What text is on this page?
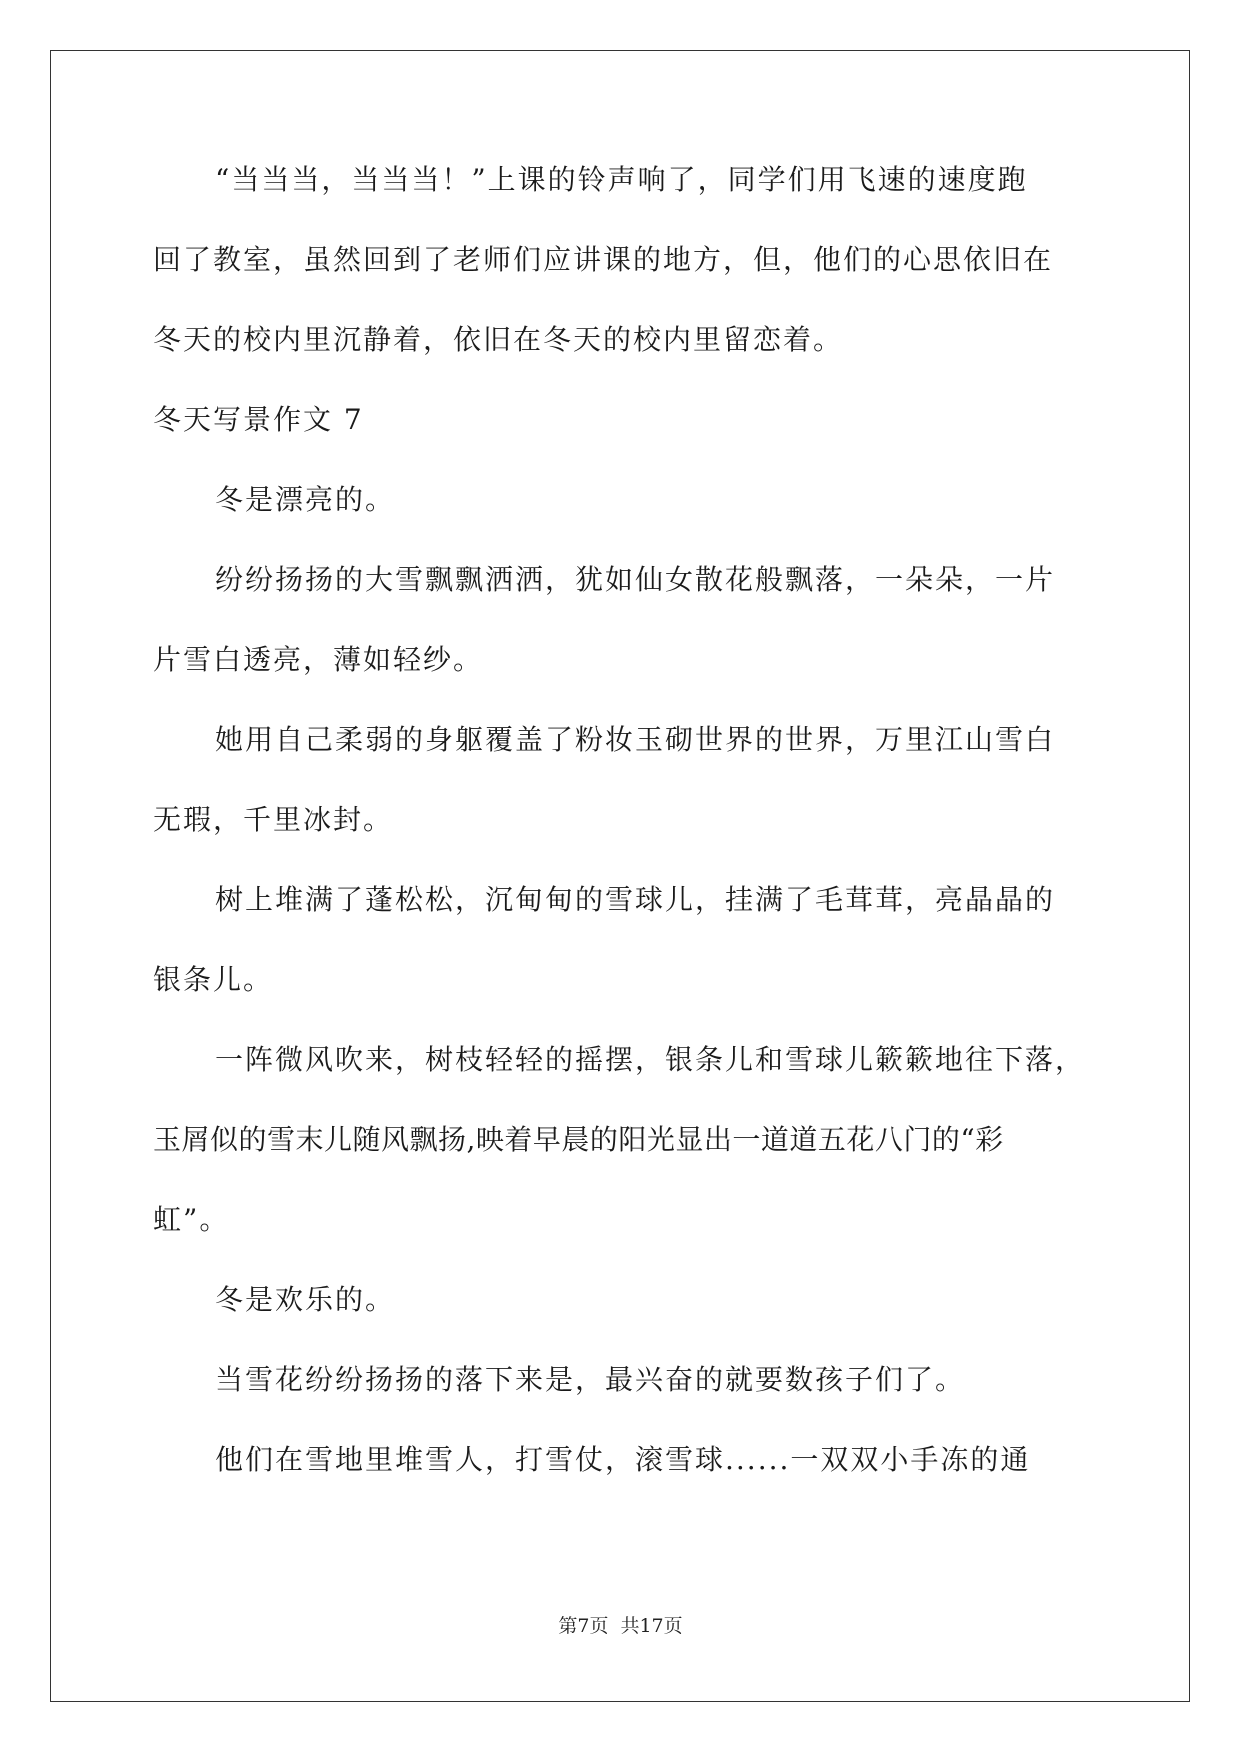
“当当当，当当当！”上课的铃声响了，同学们用飞速的速度跑
回了教室，虽然回到了老师们应讲课的地方，但，他们的心思依旧在
冬天的校内里沉静着，依旧在冬天的校内里留恋着。
冬天写景作文 7
冬是漂亮的。
纷纷扬扬的大雪飘飘洒洒，犹如仙女散花般飘落，一朵朵，一片
片雪白透亮，薄如轻纱。
她用自己柔弱的身躯覆盖了粉妆玉砌世界的世界，万里江山雪白
无瑕，千里冰封。
树上堆满了蓬松松，沉甸甸的雪球儿，挂满了毛茸茸，亮晶晶的
银条儿。
一阵微风吹来，树枝轻轻的摇摆，银条儿和雪球儿簌簌地往下落，
玉屑似的雪末儿随风飘扬,映着早晨的阳光显出一道道五花八门的“彩
虹”。
冬是欢乐的。
当雪花纷纷扬扬的落下来是，最兴奋的就要数孩子们了。
他们在雪地里堆雪人，打雪仗，滚雪球......一双双小手冻的通
第7页 共17页
